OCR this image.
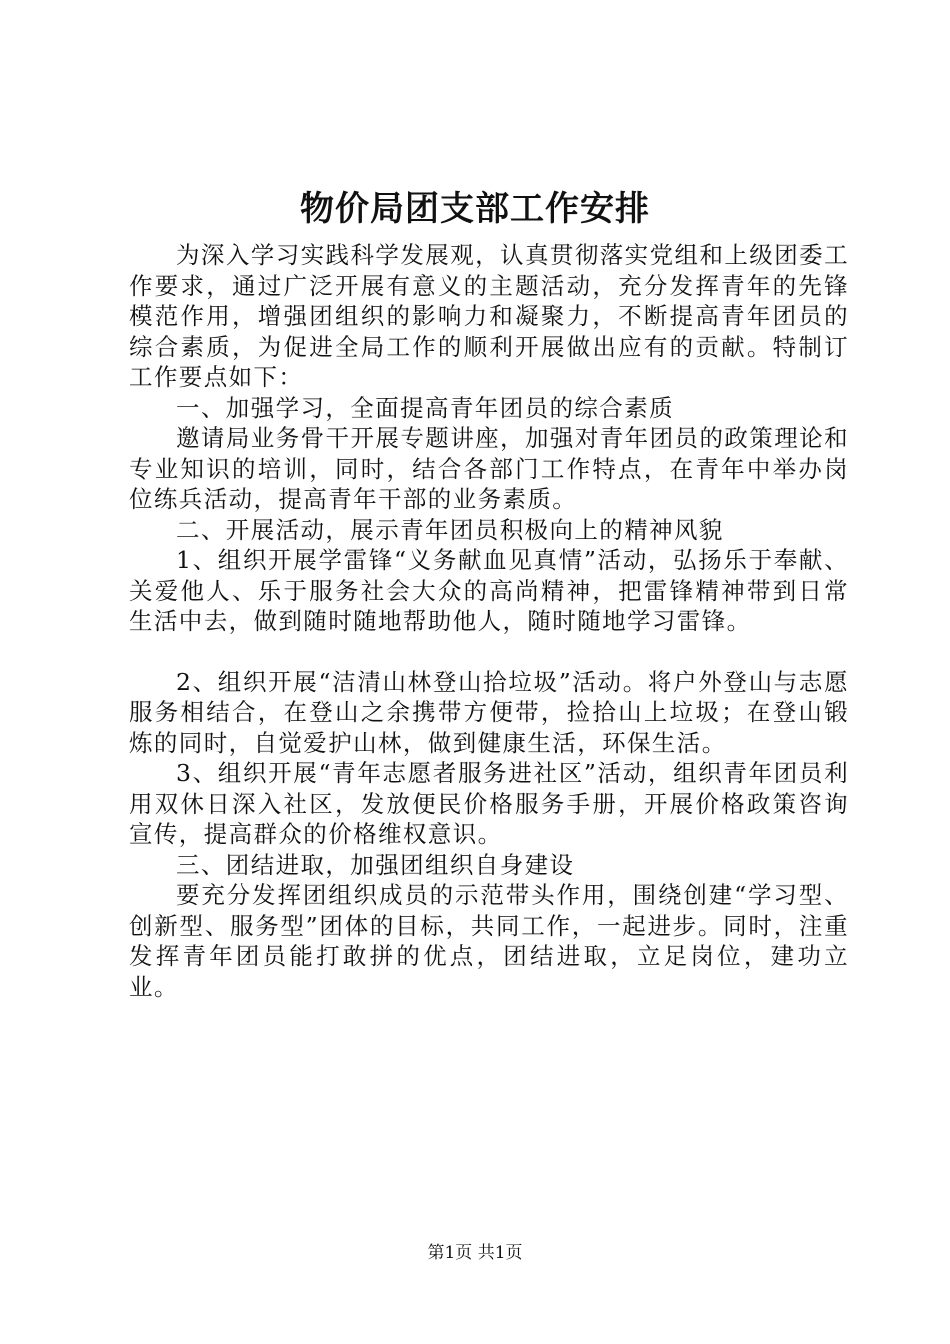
物价局团支部工作安排

为深入学习实践科学发展观，认真贯彻落实党组和上级团委工作要求，通过广泛开展有意义的主题活动，充分发挥青年的先锋模范作用，增强团组织的影响力和凝聚力，不断提高青年团员的综合素质，为促进全局工作的顺利开展做出应有的贡献。特制订工作要点如下：

一、加强学习，全面提高青年团员的综合素质

邀请局业务骨干开展专题讲座，加强对青年团员的政策理论和专业知识的培训，同时，结合各部门工作特点，在青年中举办岗位练兵活动，提高青年干部的业务素质。

二、开展活动，展示青年团员积极向上的精神风貌

1、组织开展学雷锋“义务献血见真情”活动，弘扬乐于奉献、关爱他人、乐于服务社会大众的高尚精神，把雷锋精神带到日常生活中去，做到随时随地帮助他人，随时随地学习雷锋。

2、组织开展“洁清山林登山拾垃圾”活动。将户外登山与志愿服务相结合，在登山之余携带方便带，捡拾山上垃圾；在登山锻炼的同时，自觉爱护山林，做到健康生活，环保生活。

3、组织开展“青年志愿者服务进社区”活动，组织青年团员利用双休日深入社区，发放便民价格服务手册，开展价格政策咨询宣传，提高群众的价格维权意识。

三、团结进取，加强团组织自身建设

要充分发挥团组织成员的示范带头作用，围绕创建“学习型、创新型、服务型”团体的目标，共同工作，一起进步。同时，注重发挥青年团员能打敢拼的优点，团结进取，立足岗位，建功立业。

第1页 共1页
